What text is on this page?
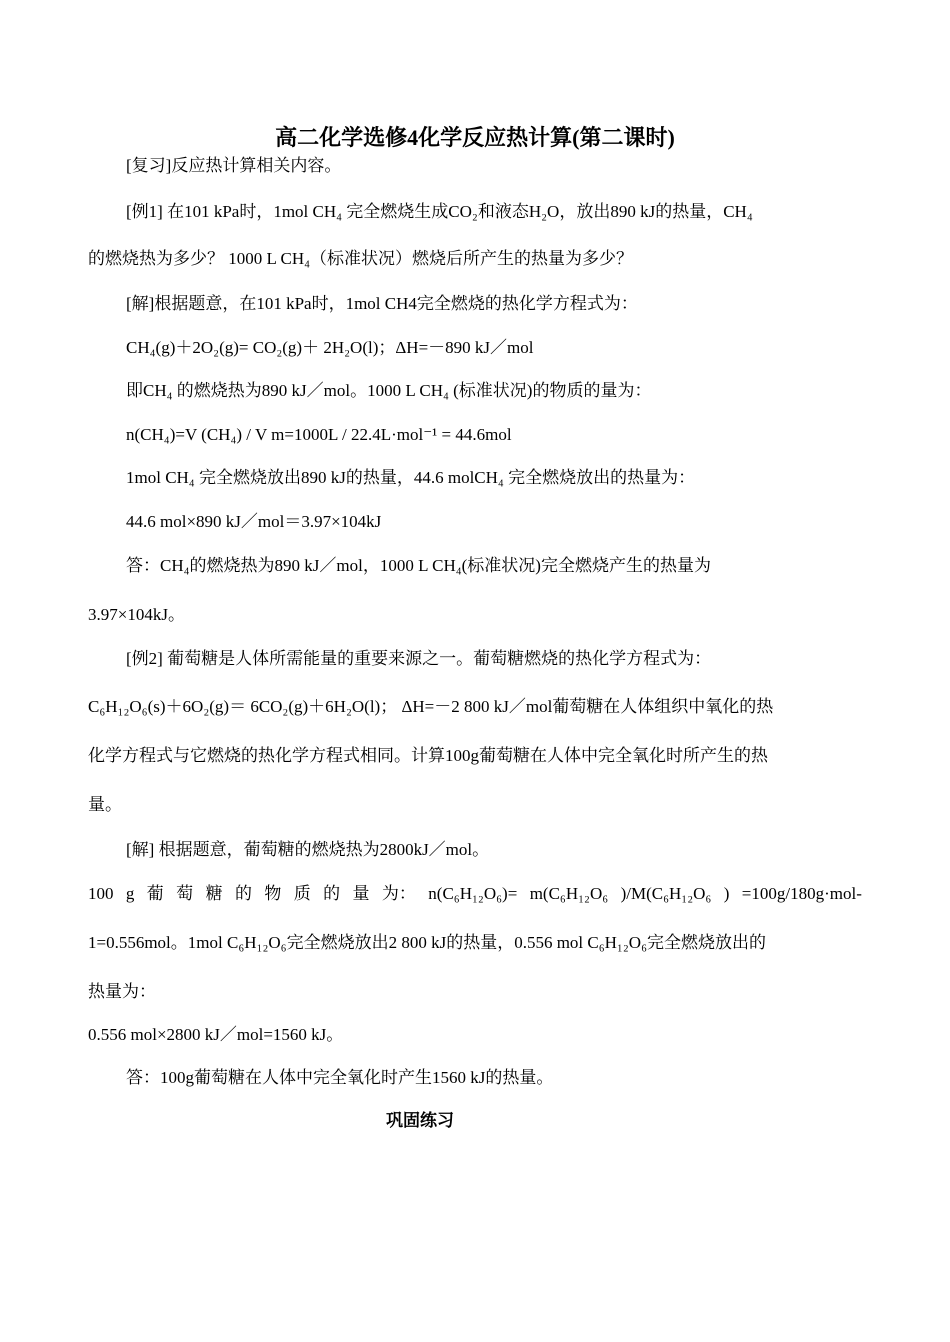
高二化学选修4化学反应热计算(第二课时)
[复习]反应热计算相关内容。
[例1] 在101 kPa时，1mol CH₄ 完全燃烧生成CO₂和液态H₂O，放出890 kJ的热量，CH₄
的燃烧热为多少？ 1000 L CH₄（标准状况）燃烧后所产生的热量为多少？
[解]根据题意，在101 kPa时，1mol CH4完全燃烧的热化学方程式为：
CH₄(g)＋2O₂(g)= CO₂(g)＋ 2H₂O(l)；ΔH=－890 kJ／mol
即CH₄ 的燃烧热为890 kJ／mol。1000 L CH₄ (标准状况)的物质的量为：
n(CH₄)=V (CH₄) / V m=1000L / 22.4L·mol⁻¹ = 44.6mol
1mol CH₄ 完全燃烧放出890 kJ的热量，44.6 molCH₄ 完全燃烧放出的热量为：
44.6 mol×890 kJ／mol＝3.97×104kJ
答：CH₄的燃烧热为890 kJ／mol，1000 L CH₄(标准状况)完全燃烧产生的热量为
3.97×104kJ。
[例2] 葡萄糖是人体所需能量的重要来源之一。葡萄糖燃烧的热化学方程式为：
C₆H₁₂O₆(s)＋6O₂(g)＝ 6CO₂(g)＋6H₂O(l)； ΔH=－2 800 kJ／mol葡萄糖在人体组织中氧化的热
化学方程式与它燃烧的热化学方程式相同。计算100g葡萄糖在人体中完全氧化时所产生的热
量。
[解] 根据题意，葡萄糖的燃烧热为2800kJ／mol。
100 g 葡 萄 糖 的 物 质 的 量 为： n(C₆H₁₂O₆)= m(C₆H₁₂O₆ )/M(C₆H₁₂O₆ ) =100g/180g·mol-
1=0.556mol。1mol C₆H₁₂O₆完全燃烧放出2 800 kJ的热量，0.556 mol C₆H₁₂O₆完全燃烧放出的
热量为：
0.556 mol×2800 kJ／mol=1560 kJ。
答：100g葡萄糖在人体中完全氧化时产生1560 kJ的热量。
巩固练习
